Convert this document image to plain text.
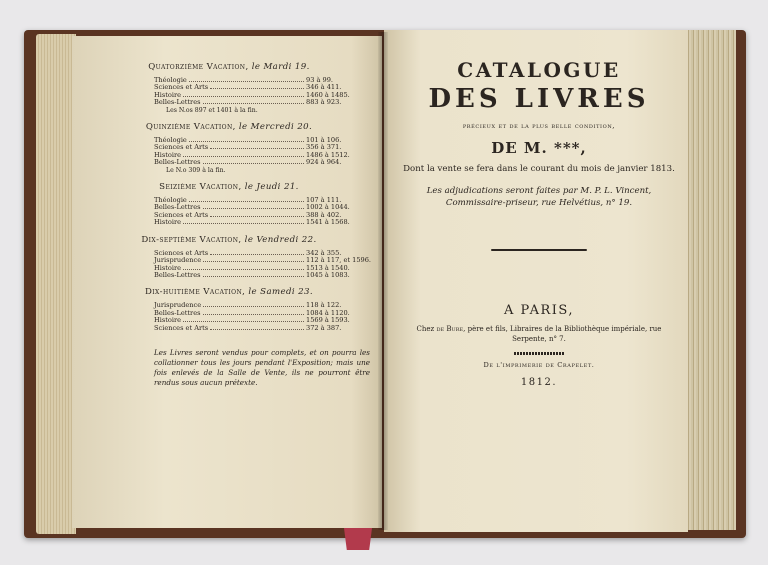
Quatorzième Vacation, le Mardi 19.
Théologie	93 à 99.
Sciences et Arts	346 à 411.
Histoire	1460 à 1485.
Belles-Lettres	883 à 923.
Les N.os 897 et 1401 à la fin.
Quinzième Vacation, le Mercredi 20.
Théologie	101 à 106.
Sciences et Arts	356 à 371.
Histoire	1486 à 1512.
Belles-Lettres	924 à 964.
Le N.o 309 à la fin.
Seizième Vacation, le Jeudi 21.
Théologie	107 à 111.
Belles-Lettres	1002 à 1044.
Sciences et Arts	388 à 402.
Histoire	1541 à 1568.
Dix-septième Vacation, le Vendredi 22.
Sciences et Arts	342 à 355.
Jurisprudence	112 à 117, et 1596.
Histoire	1513 à 1540.
Belles-Lettres	1045 à 1083.
Dix-huitième Vacation, le Samedi 23.
Jurisprudence	118 à 122.
Belles-Lettres	1084 à 1120.
Histoire	1569 à 1593.
Sciences et Arts	372 à 387.
Les Livres seront vendus pour complets, et on pourra les collationner tous les jours pendant l'Exposition; mais une fois enlevés de la Salle de Vente, ils ne pourront être rendus sous aucun prétexte.
CATALOGUE
DES LIVRES
précieux et de la plus belle condition,
DE M. ***,
Dont la vente se fera dans le courant du mois de janvier 1813.
Les adjudications seront faites par M. P. L. Vincent, Commissaire-priseur, rue Helvétius, n° 19.
A PARIS,
Chez de Bure, père et fils, Libraires de la Bibliothèque impériale, rue Serpente, n° 7.
De l'imprimerie de Crapelet.
1812.
